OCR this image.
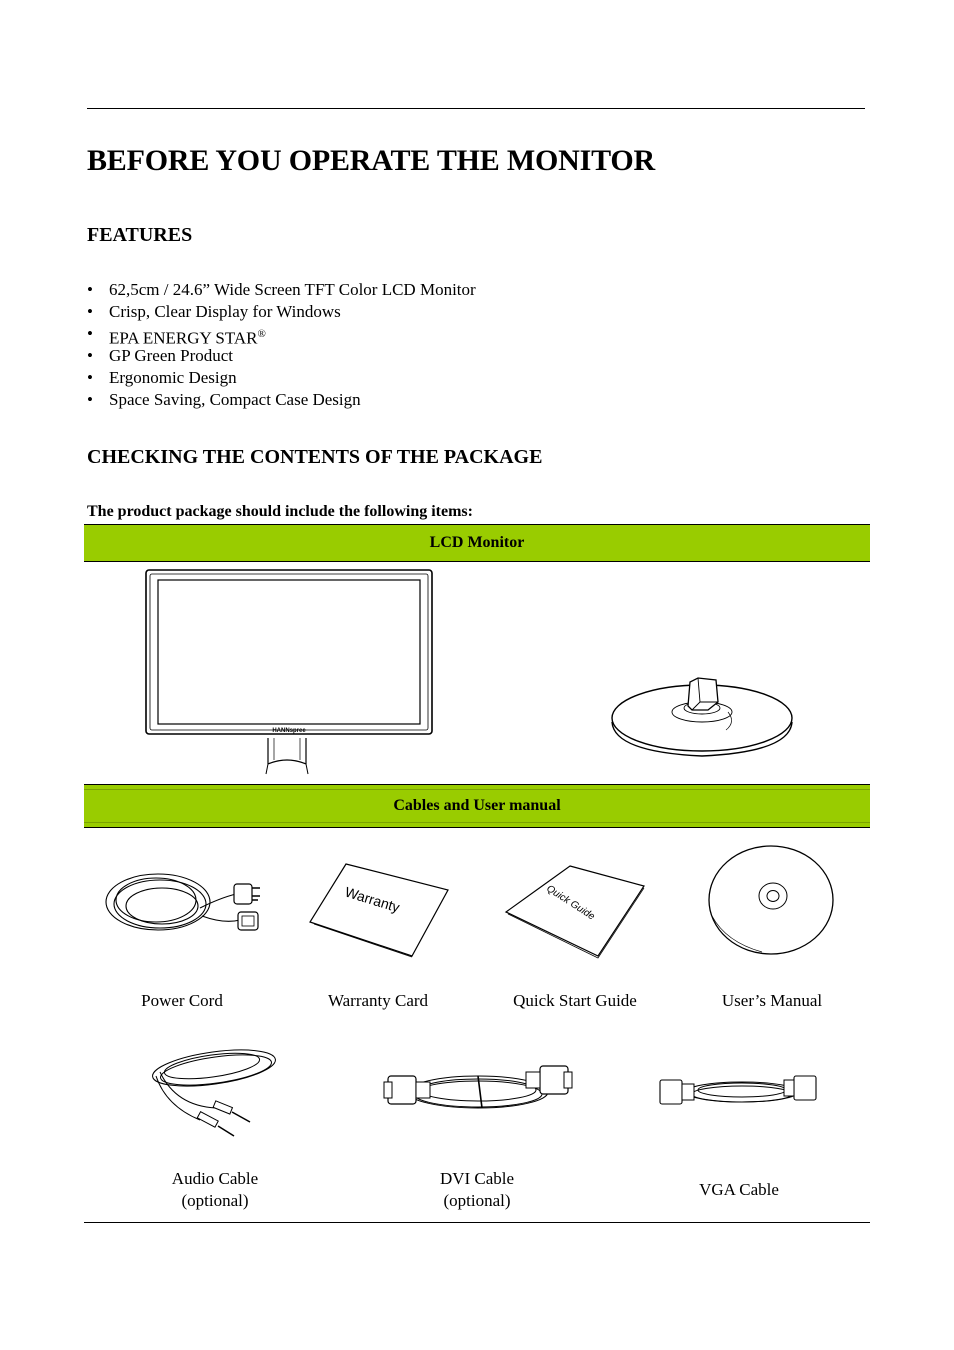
BEFORE YOU OPERATE THE MONITOR
FEATURES
• 62,5cm / 24.6” Wide Screen TFT Color LCD Monitor
• Crisp, Clear Display for Windows
• EPA ENERGY STAR®
• GP Green Product
• Ergonomic Design
• Space Saving, Compact Case Design
CHECKING THE CONTENTS OF THE PACKAGE
The product package should include the following items:
LCD Monitor
HANNspree
Cables and User manual
Warranty	Quick Guide
Power Cord	Warranty Card	Quick Start Guide	User’s Manual
Audio Cable
(optional)
DVI Cable
(optional)
VGA Cable
